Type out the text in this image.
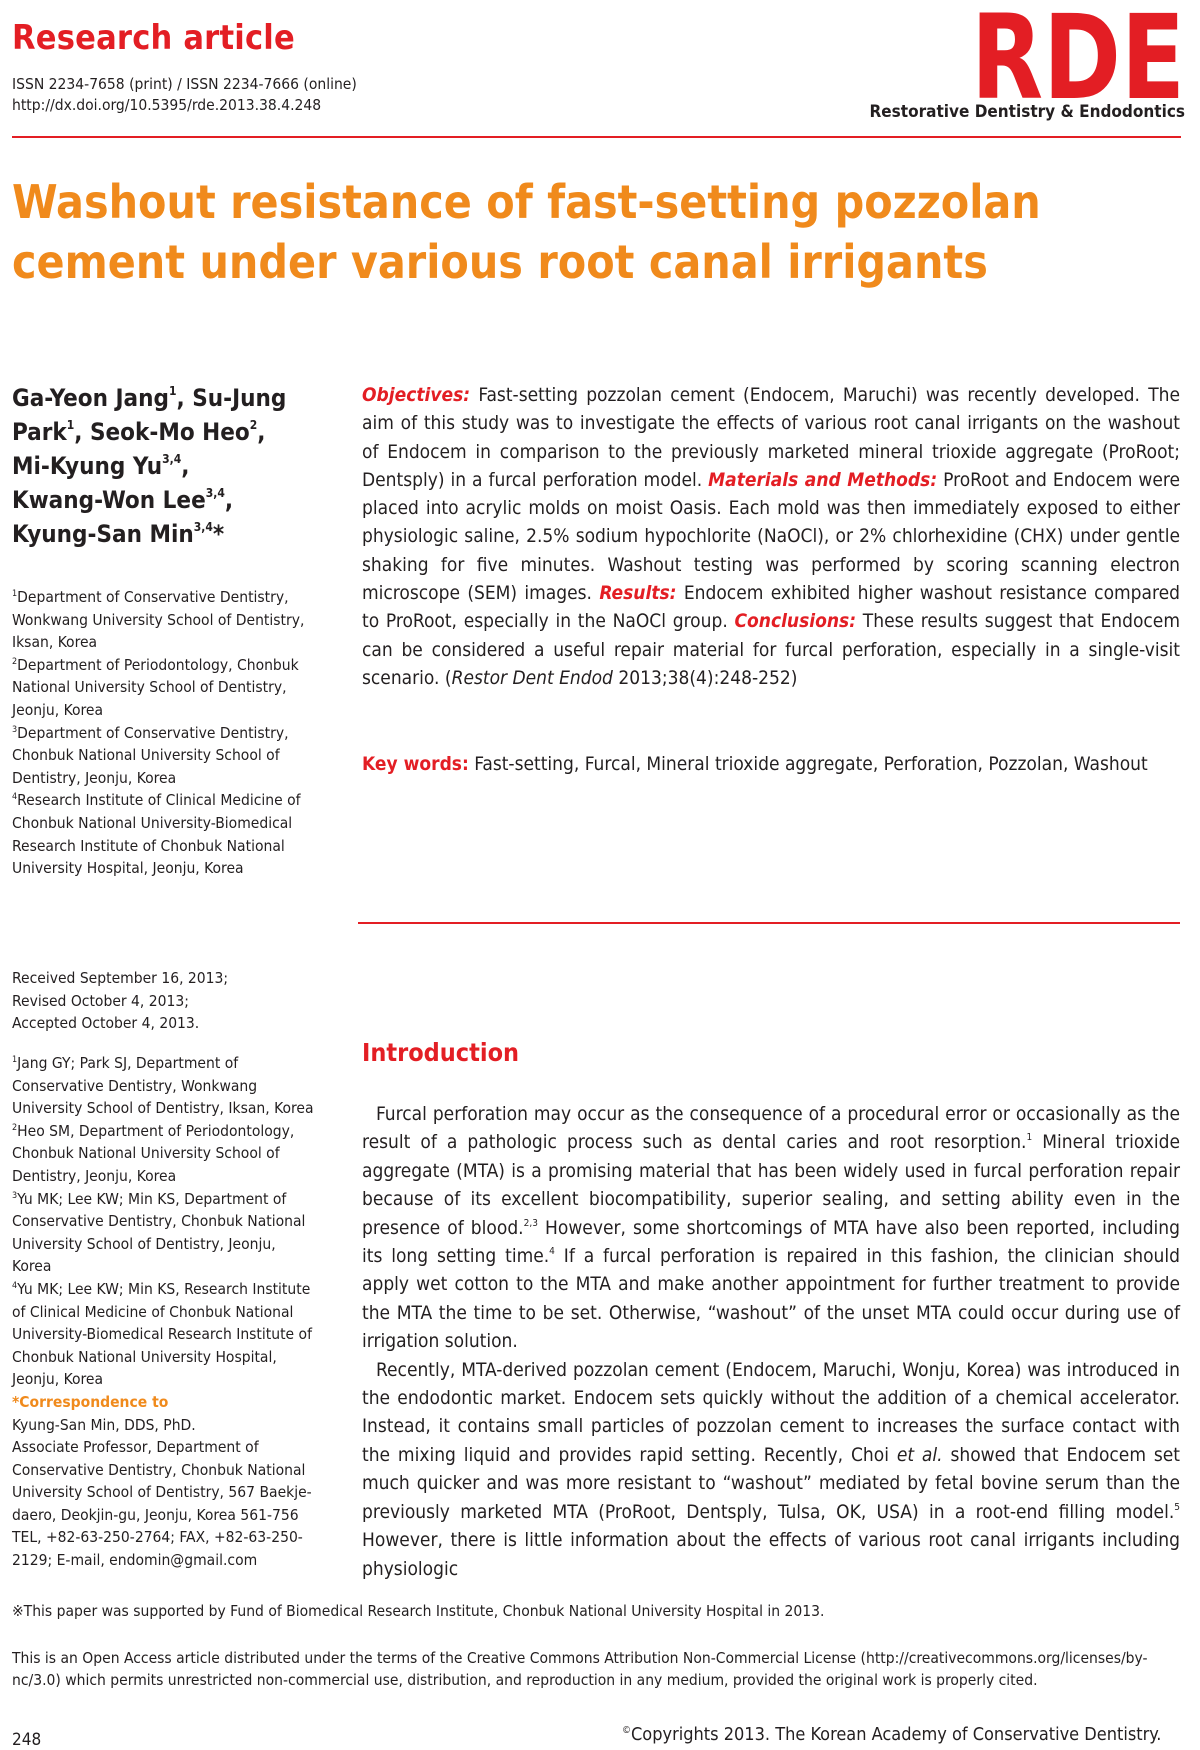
Research article
ISSN 2234-7658 (print) / ISSN 2234-7666 (online)
http://dx.doi.org/10.5395/rde.2013.38.4.248	RDE
Restorative Dentistry & Endodontics
Washout resistance of fast-setting pozzolan cement under various root canal irrigants
Ga-Yeon Jang$^1$, Su-Jung Park$^1$, Seok-Mo Heo$^2$,
Mi-Kyung Yu$^{3,4}$,
Kwang-Won Lee$^{3,4}$,
Kyung-San Min$^{3,4}$*
$^1$Department of Conservative Dentistry, Wonkwang University School of Dentistry, Iksan, Korea
$^2$Department of Periodontology, Chonbuk National University School of Dentistry, Jeonju, Korea
$^3$Department of Conservative Dentistry, Chonbuk National University School of Dentistry, Jeonju, Korea
$^4$Research Institute of Clinical Medicine of Chonbuk National University-Biomedical Research Institute of Chonbuk National University Hospital, Jeonju, Korea
Objectives: Fast-setting pozzolan cement (Endocem, Maruchi) was recently developed. The aim of this study was to investigate the effects of various root canal irrigants on the washout of Endocem in comparison to the previously marketed mineral trioxide aggregate (ProRoot; Dentsply) in a furcal perforation model. Materials and Methods: ProRoot and Endocem were placed into acrylic molds on moist Oasis. Each mold was then immediately exposed to either physiologic saline, 2.5% sodium hypochlorite (NaOCl), or 2% chlorhexidine (CHX) under gentle shaking for five minutes. Washout testing was performed by scoring scanning electron microscope (SEM) images. Results: Endocem exhibited higher washout resistance compared to ProRoot, especially in the NaOCl group. Conclusions: These results suggest that Endocem can be considered a useful repair material for furcal perforation, especially in a single-visit scenario. (Restor Dent Endod 2013;38(4):248-252)
Key words: Fast-setting, Furcal, Mineral trioxide aggregate, Perforation, Pozzolan, Washout
Received September 16, 2013;
Revised October 4, 2013;
Accepted October 4, 2013.
$^1$Jang GY; Park SJ, Department of Conservative Dentistry, Wonkwang University School of Dentistry, Iksan, Korea
$^2$Heo SM, Department of Periodontology, Chonbuk National University School of Dentistry, Jeonju, Korea
$^3$Yu MK; Lee KW; Min KS, Department of Conservative Dentistry, Chonbuk National University School of Dentistry, Jeonju, Korea
$^4$Yu MK; Lee KW; Min KS, Research Institute of Clinical Medicine of Chonbuk National University-Biomedical Research Institute of Chonbuk National University Hospital, Jeonju, Korea
*Correspondence to
Kyung-San Min, DDS, PhD.
Associate Professor, Department of Conservative Dentistry, Chonbuk National University School of Dentistry, 567 Baekje-daero, Deokjin-gu, Jeonju, Korea 561-756
TEL, +82-63-250-2764; FAX, +82-63-250-2129; E-mail, endomin@gmail.com
Introduction

Furcal perforation may occur as the consequence of a procedural error or occasionally as the result of a pathologic process such as dental caries and root resorption.$^1$ Mineral trioxide aggregate (MTA) is a promising material that has been widely used in furcal perforation repair because of its excellent biocompatibility, superior sealing, and setting ability even in the presence of blood.$^{2,3}$ However, some shortcomings of MTA have also been reported, including its long setting time.$^4$ If a furcal perforation is repaired in this fashion, the clinician should apply wet cotton to the MTA and make another appointment for further treatment to provide the MTA the time to be set. Otherwise, “washout” of the unset MTA could occur during use of irrigation solution.

Recently, MTA-derived pozzolan cement (Endocem, Maruchi, Wonju, Korea) was introduced in the endodontic market. Endocem sets quickly without the addition of a chemical accelerator. Instead, it contains small particles of pozzolan cement to increases the surface contact with the mixing liquid and provides rapid setting. Recently, Choi et al. showed that Endocem set much quicker and was more resistant to “washout” mediated by fetal bovine serum than the previously marketed MTA (ProRoot, Dentsply, Tulsa, OK, USA) in a root-end filling model.$^5$ However, there is little information about the effects of various root canal irrigants including physiologic

※This paper was supported by Fund of Biomedical Research Institute, Chonbuk National University Hospital in 2013.
This is an Open Access article distributed under the terms of the Creative Commons Attribution Non-Commercial License (http://creativecommons.org/licenses/by-nc/3.0) which permits unrestricted non-commercial use, distribution, and reproduction in any medium, provided the original work is properly cited.
©Copyrights 2013. The Korean Academy of Conservative Dentistry.
248
